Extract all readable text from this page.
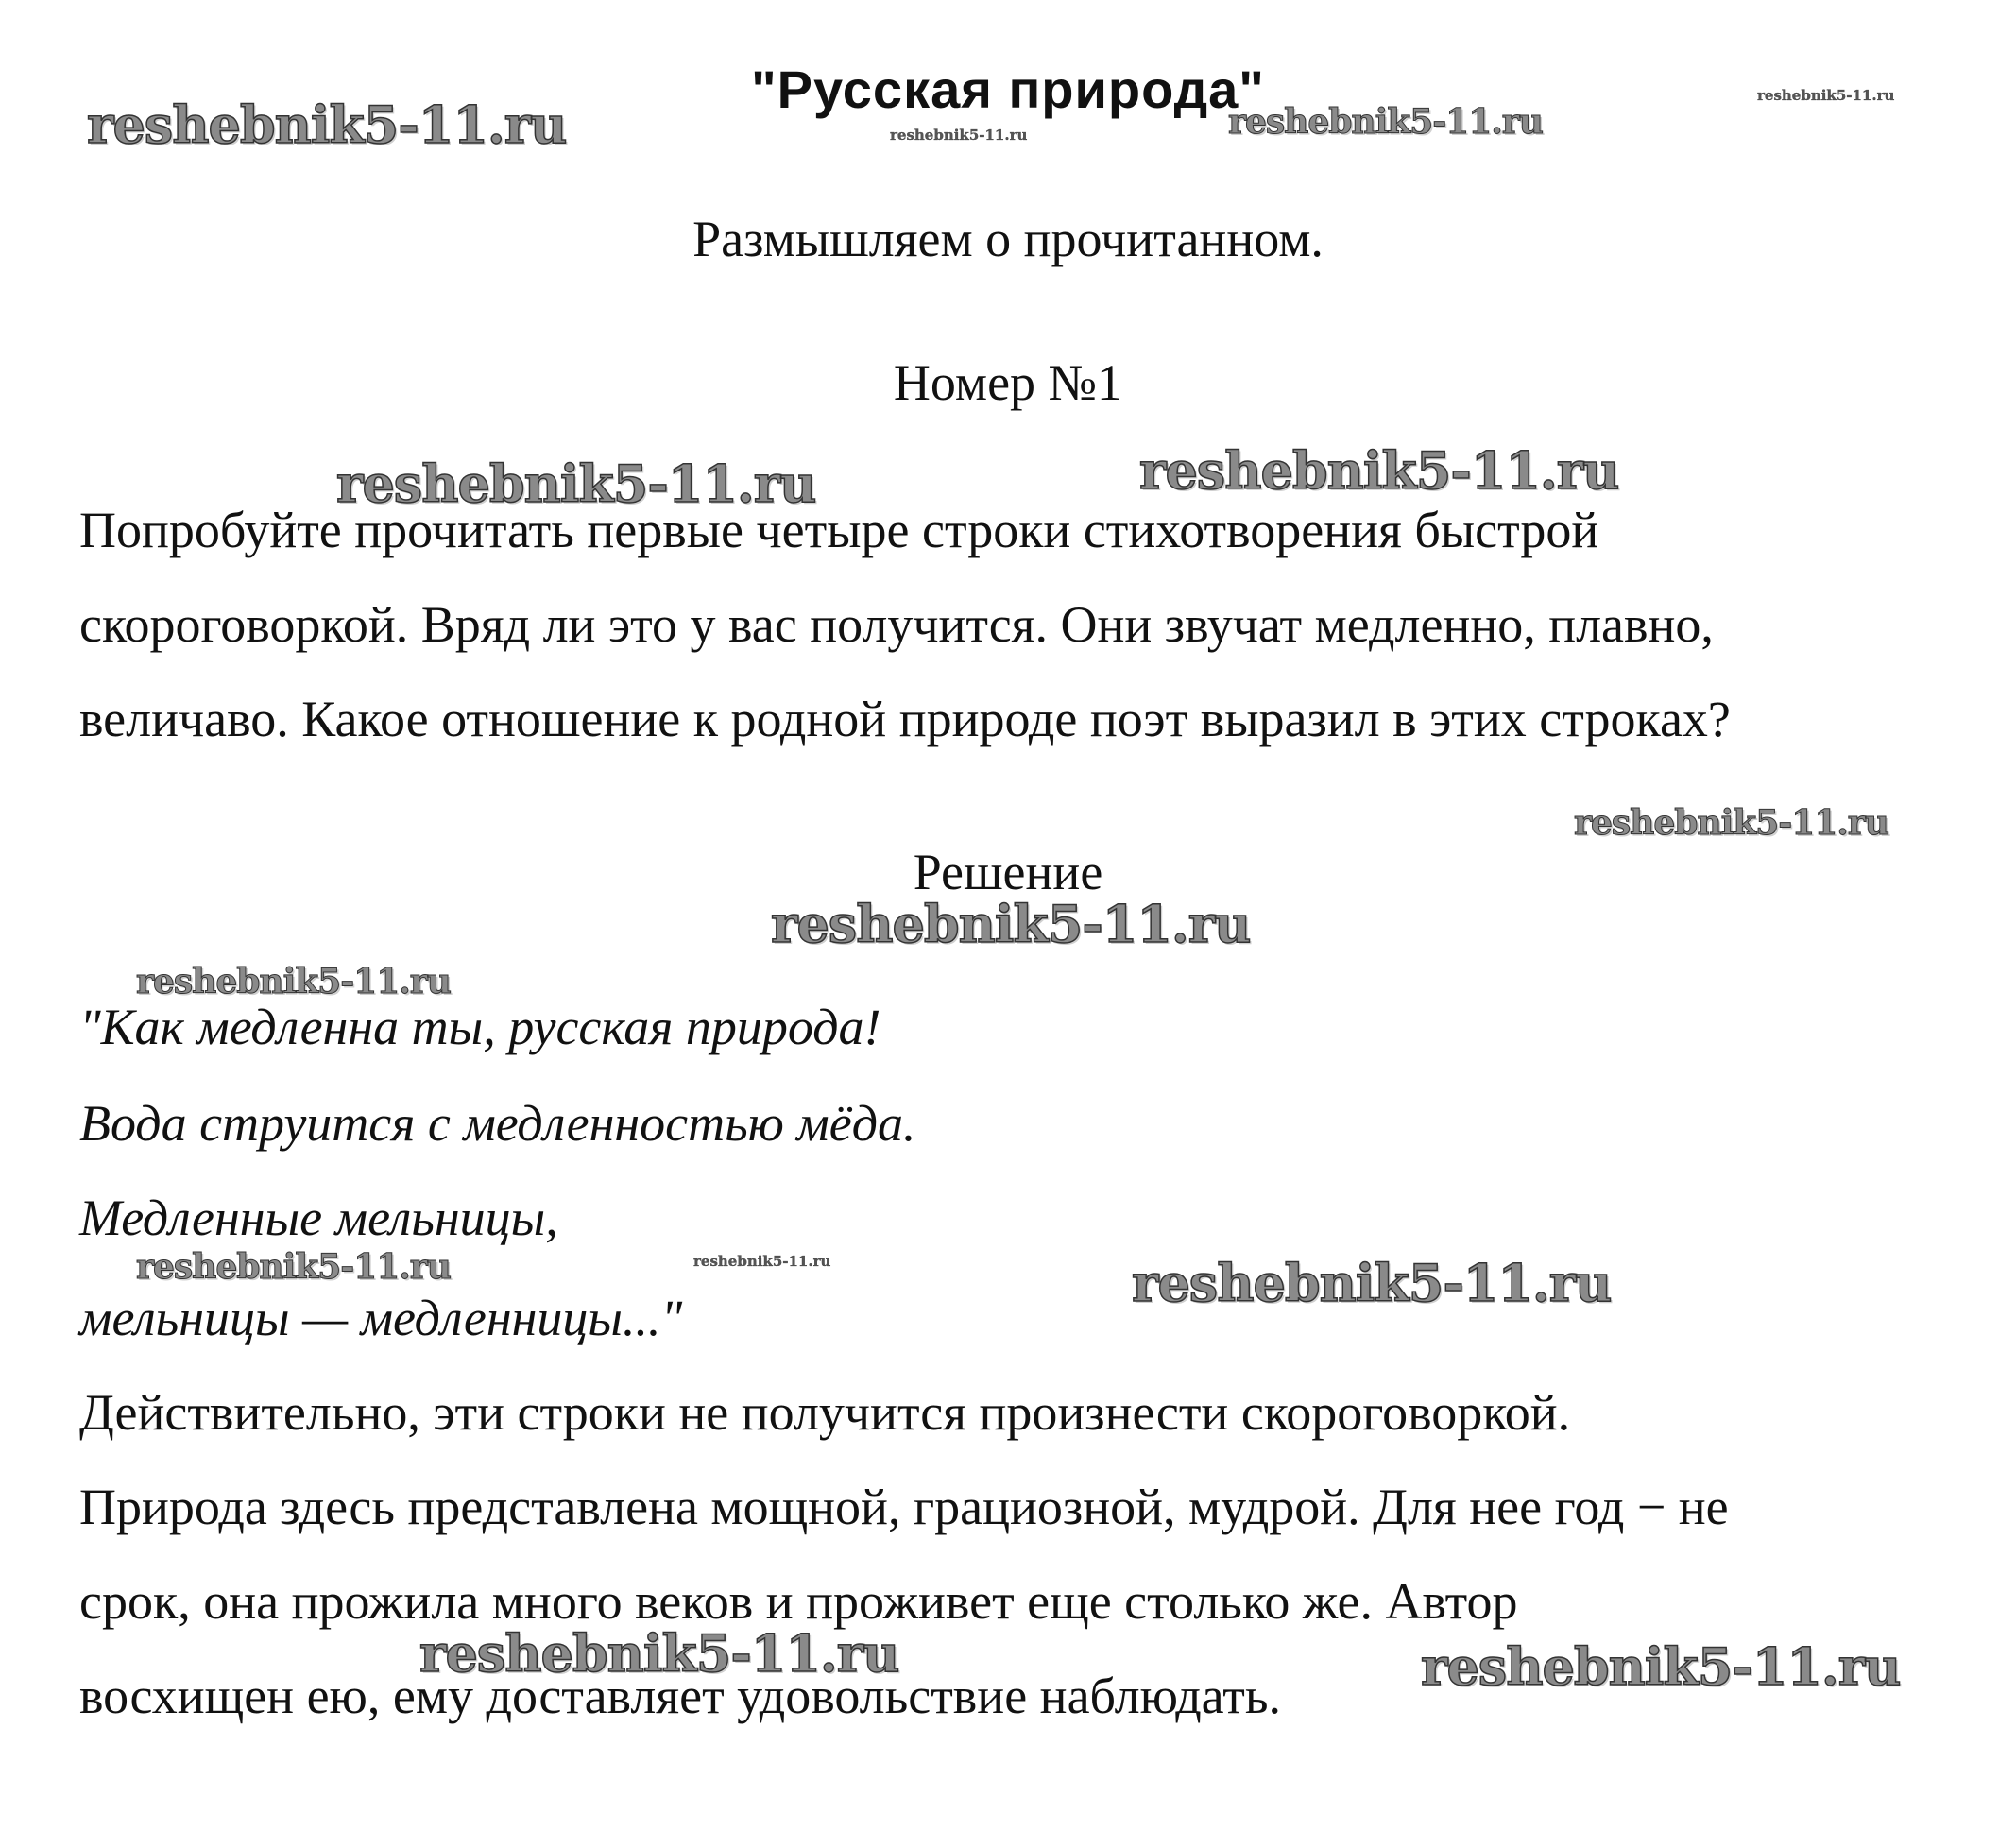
"Русская природа"
Размышляем о прочитанном.
Номер №1
Попробуйте прочитать первые четыре строки стихотворения быстрой
скороговоркой. Вряд ли это у вас получится. Они звучат медленно, плавно,
величаво. Какое отношение к родной природе поэт выразил в этих строках?
Решение
"Как медленна ты, русская природа!
Вода струится с медленностью мёда.
Медленные мельницы,
мельницы — медленницы..."
Действительно, эти строки не получится произнести скороговоркой.
Природа здесь представлена мощной, грациозной, мудрой. Для нее год − не
срок, она прожила много веков и проживет еще столько же. Автор
восхищен ею, ему доставляет удовольствие наблюдать.
reshebnik5-11.ru	reshebnik5-11.ru
reshebnik5-11.ru
reshebnik5-11.ru
reshebnik5-11.ru	reshebnik5-11.ru
reshebnik5-11.ru
reshebnik5-11.ru
reshebnik5-11.ru
reshebnik5-11.ru	reshebnik5-11.ru	reshebnik5-11.ru
reshebnik5-11.ru	reshebnik5-11.ru
